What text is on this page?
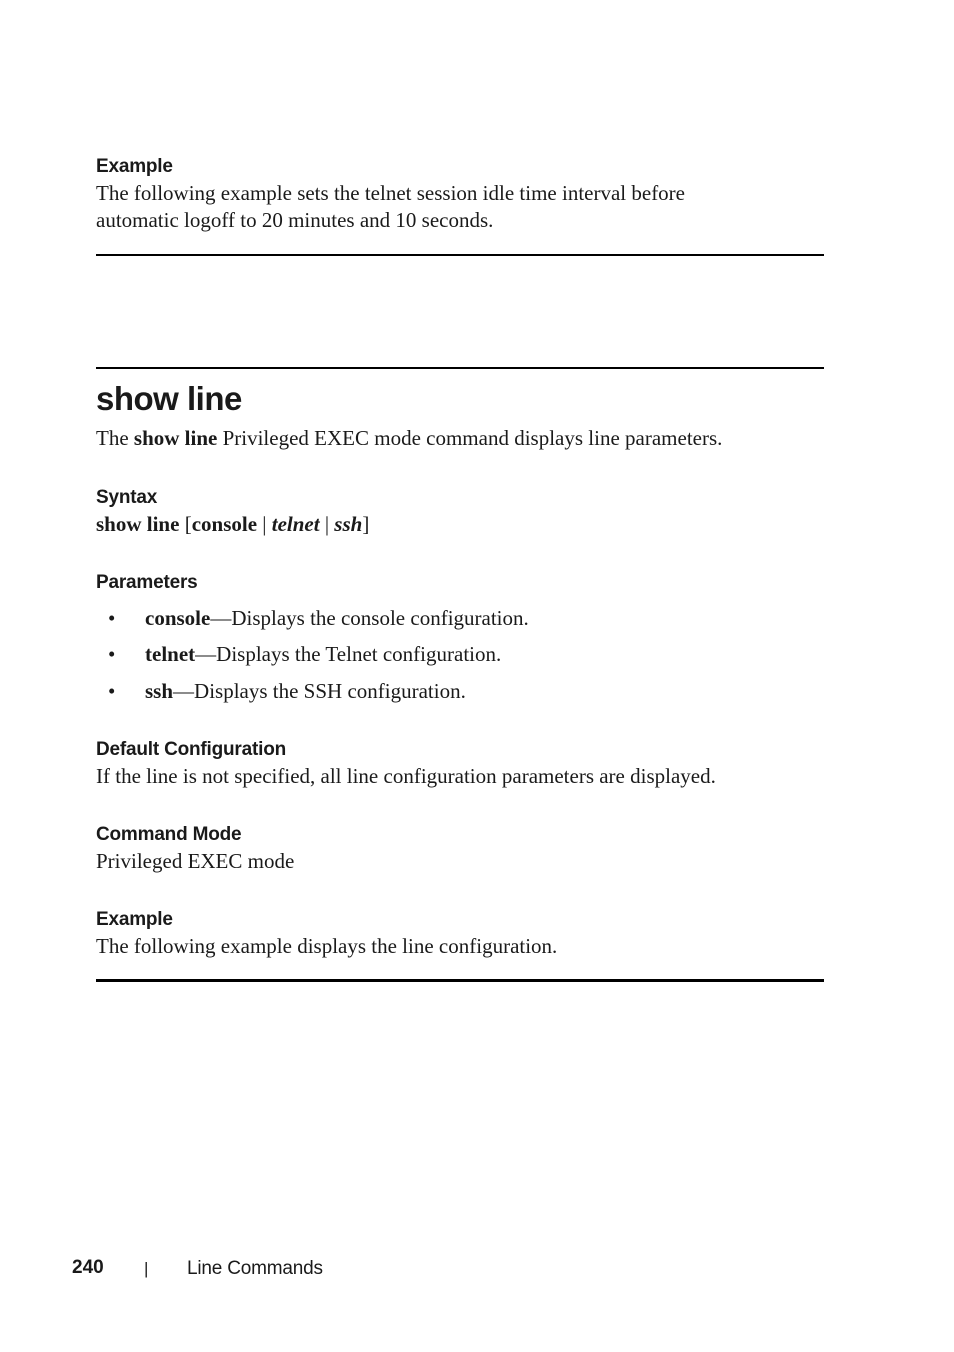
Example
The following example sets the telnet session idle time interval before
automatic logoff to 20 minutes and 10 seconds.
show line
The show line Privileged EXEC mode command displays line parameters.
Syntax
show line [console | telnet | ssh]
Parameters
• console—Displays the console configuration.
• telnet—Displays the Telnet configuration.
• ssh—Displays the SSH configuration.
Default Configuration
If the line is not specified, all line configuration parameters are displayed.
Command Mode
Privileged EXEC mode
Example
The following example displays the line configuration.
240 | Line Commands
